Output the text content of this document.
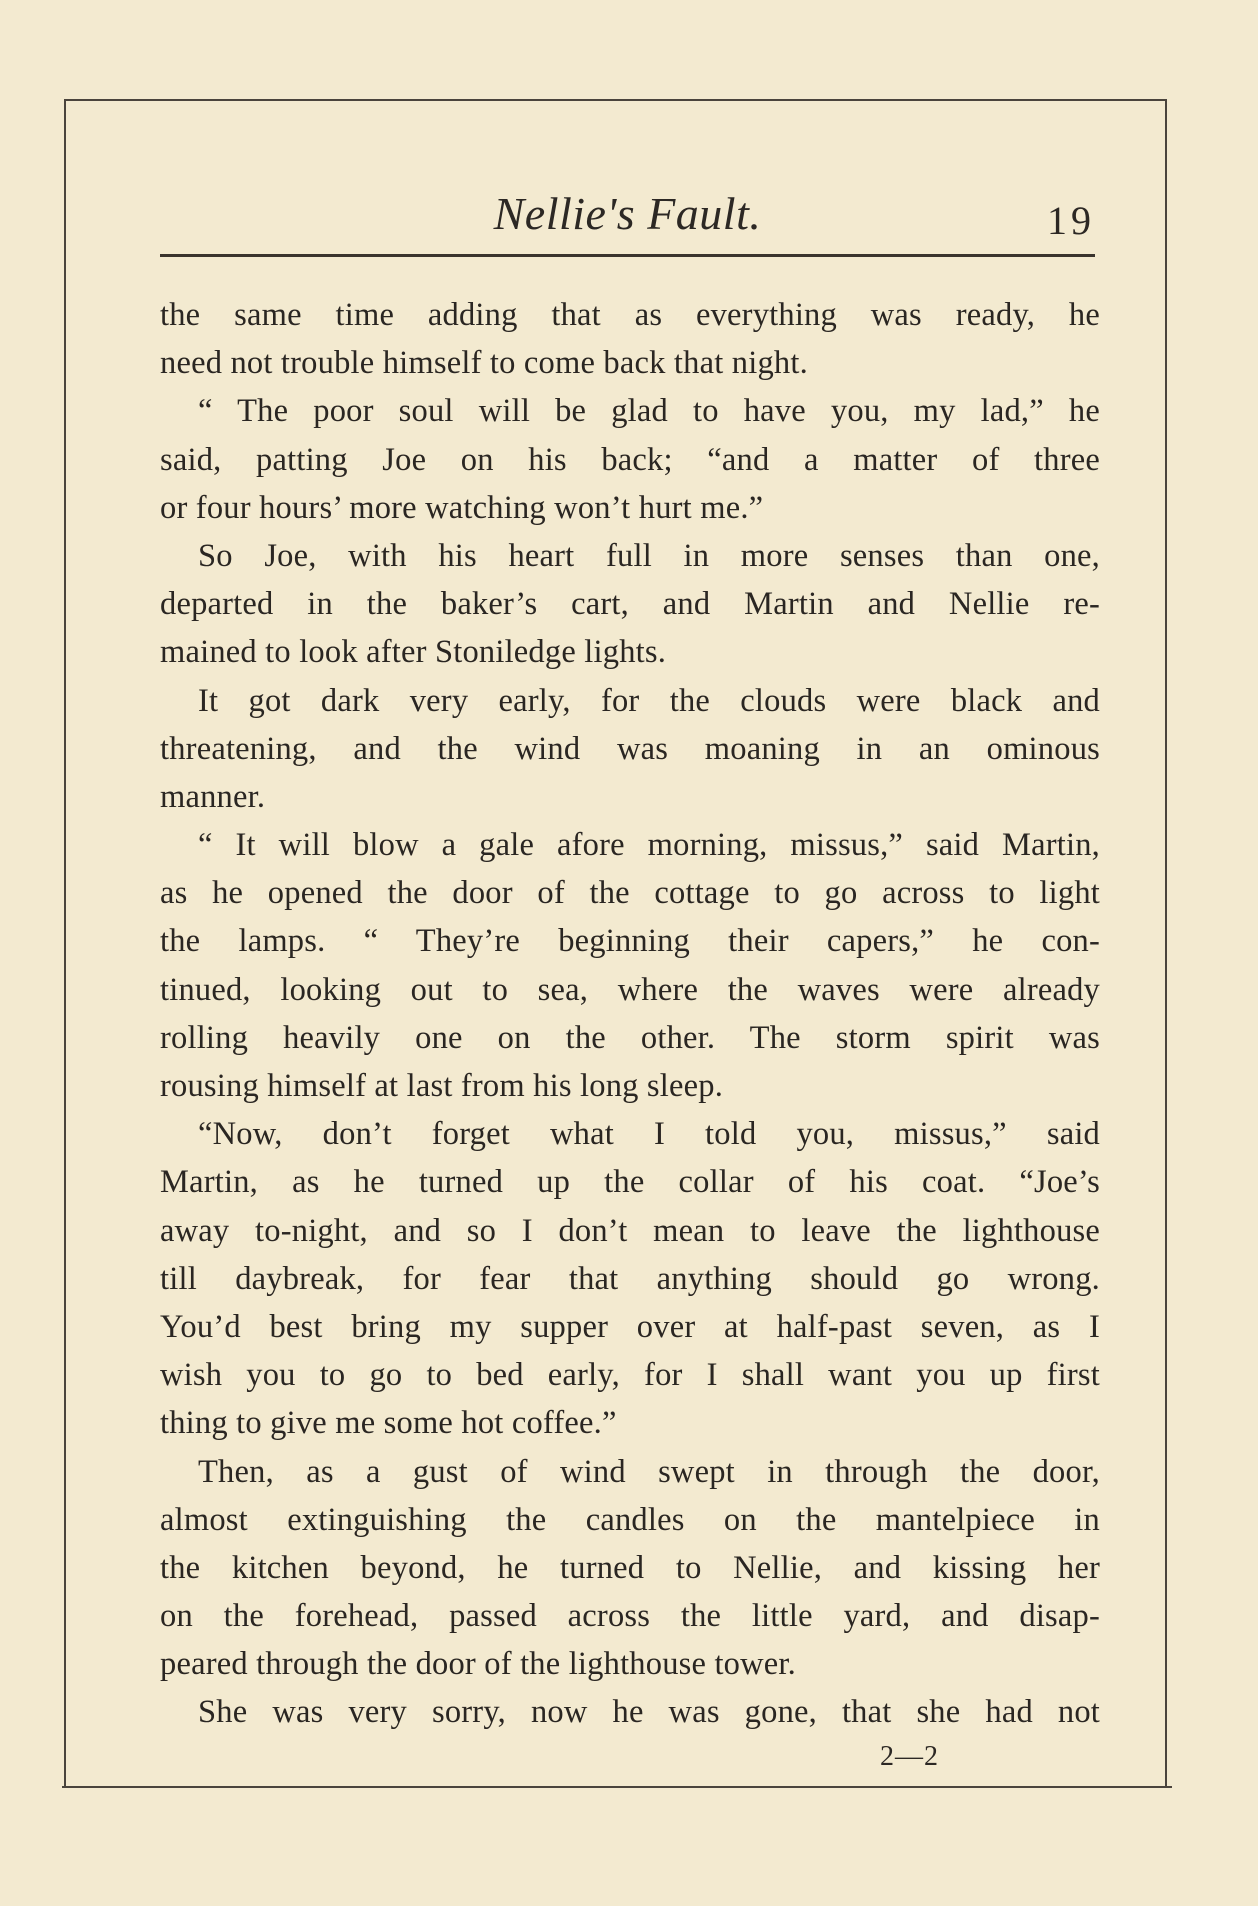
Nellie's Fault.	19
the same time adding that as everything was ready, he
need not trouble himself to come back that night.
“ The poor soul will be glad to have you, my lad,” he
said, patting Joe on his back; “and a matter of three
or four hours’ more watching won’t hurt me.”
So Joe, with his heart full in more senses than one,
departed in the baker’s cart, and Martin and Nellie re-
mained to look after Stoniledge lights.
It got dark very early, for the clouds were black and
threatening, and the wind was moaning in an ominous
manner.
“ It will blow a gale afore morning, missus,” said Martin,
as he opened the door of the cottage to go across to light
the lamps. “ They’re beginning their capers,” he con-
tinued, looking out to sea, where the waves were already
rolling heavily one on the other. The storm spirit was
rousing himself at last from his long sleep.
“Now, don’t forget what I told you, missus,” said
Martin, as he turned up the collar of his coat. “Joe’s
away to-night, and so I don’t mean to leave the lighthouse
till daybreak, for fear that anything should go wrong.
You’d best bring my supper over at half-past seven, as I
wish you to go to bed early, for I shall want you up first
thing to give me some hot coffee.”
Then, as a gust of wind swept in through the door,
almost extinguishing the candles on the mantelpiece in
the kitchen beyond, he turned to Nellie, and kissing her
on the forehead, passed across the little yard, and disap-
peared through the door of the lighthouse tower.
She was very sorry, now he was gone, that she had not
2—2
